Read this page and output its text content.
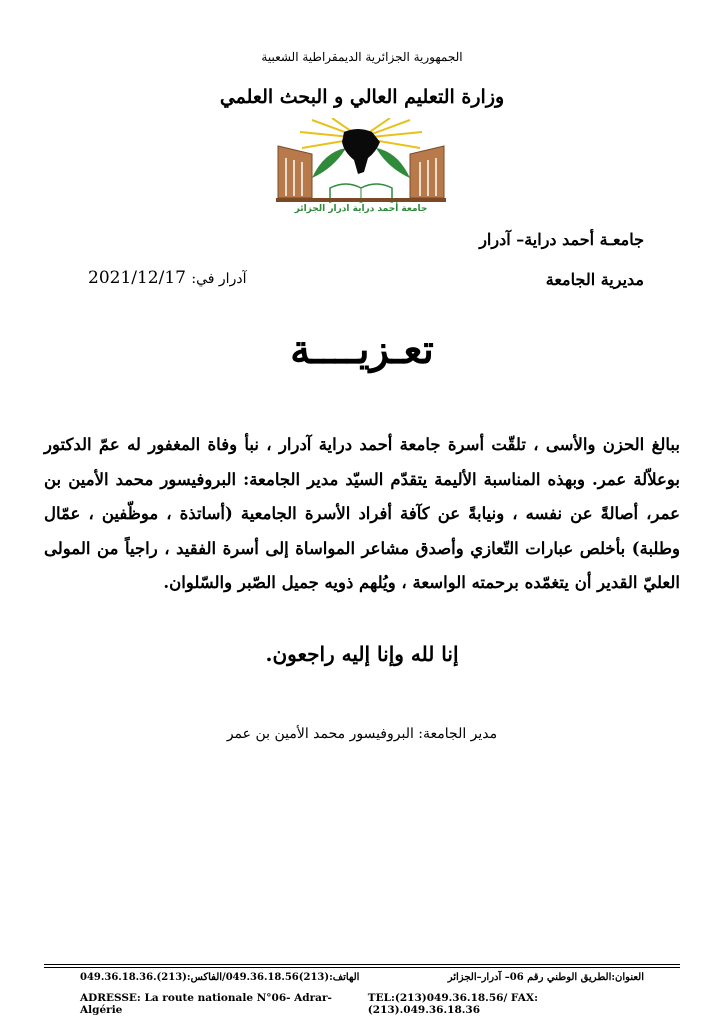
الجمهورية الجزائرية الديمقراطية الشعبية
وزارة التعليم العالي و البحث العلمي
جامعة أحمد دراية ادرار الجزائر
جامعـة أحمد دراية– آدرار
مديرية الجامعة
آدرار في: 2021/12/17
تعـزيــــة
ببالغ الحزن والأسى ، تلقّت أسرة جامعة أحمد دراية آدرار ، نبأ وفاة المغفور له عمّ الدكتور بوعلاّلة عمر. وبهذه المناسبة الأليمة يتقدّم السيّد مدير الجامعة: البروفيسور محمد الأمين بن عمر، أصالةً عن نفسه ، ونيابةً عن كآفة أفراد الأسرة الجامعية (أساتذة ، موظّفين ، عمّال وطلبة) بأخلص عبارات التّعازي وأصدق مشاعر المواساة إلى أسرة الفقيد ، راجياً من المولى العليّ القدير أن يتغمّده برحمته الواسعة ، ويُلهم ذويه جميل الصّبر والسّلوان.
إنا لله وإنا إليه راجعون.
مدير الجامعة: البروفيسور محمد الأمين بن عمر
العنوان:الطريق الوطني رقم 06– آدرار–الجزائر
الهاتف:(213)049.36.18.56/الفاكس:(213).049.36.18.36
ADRESSE: La route nationale N°06- Adrar-Algérie
TEL:(213)049.36.18.56/ FAX:(213).049.36.18.36
